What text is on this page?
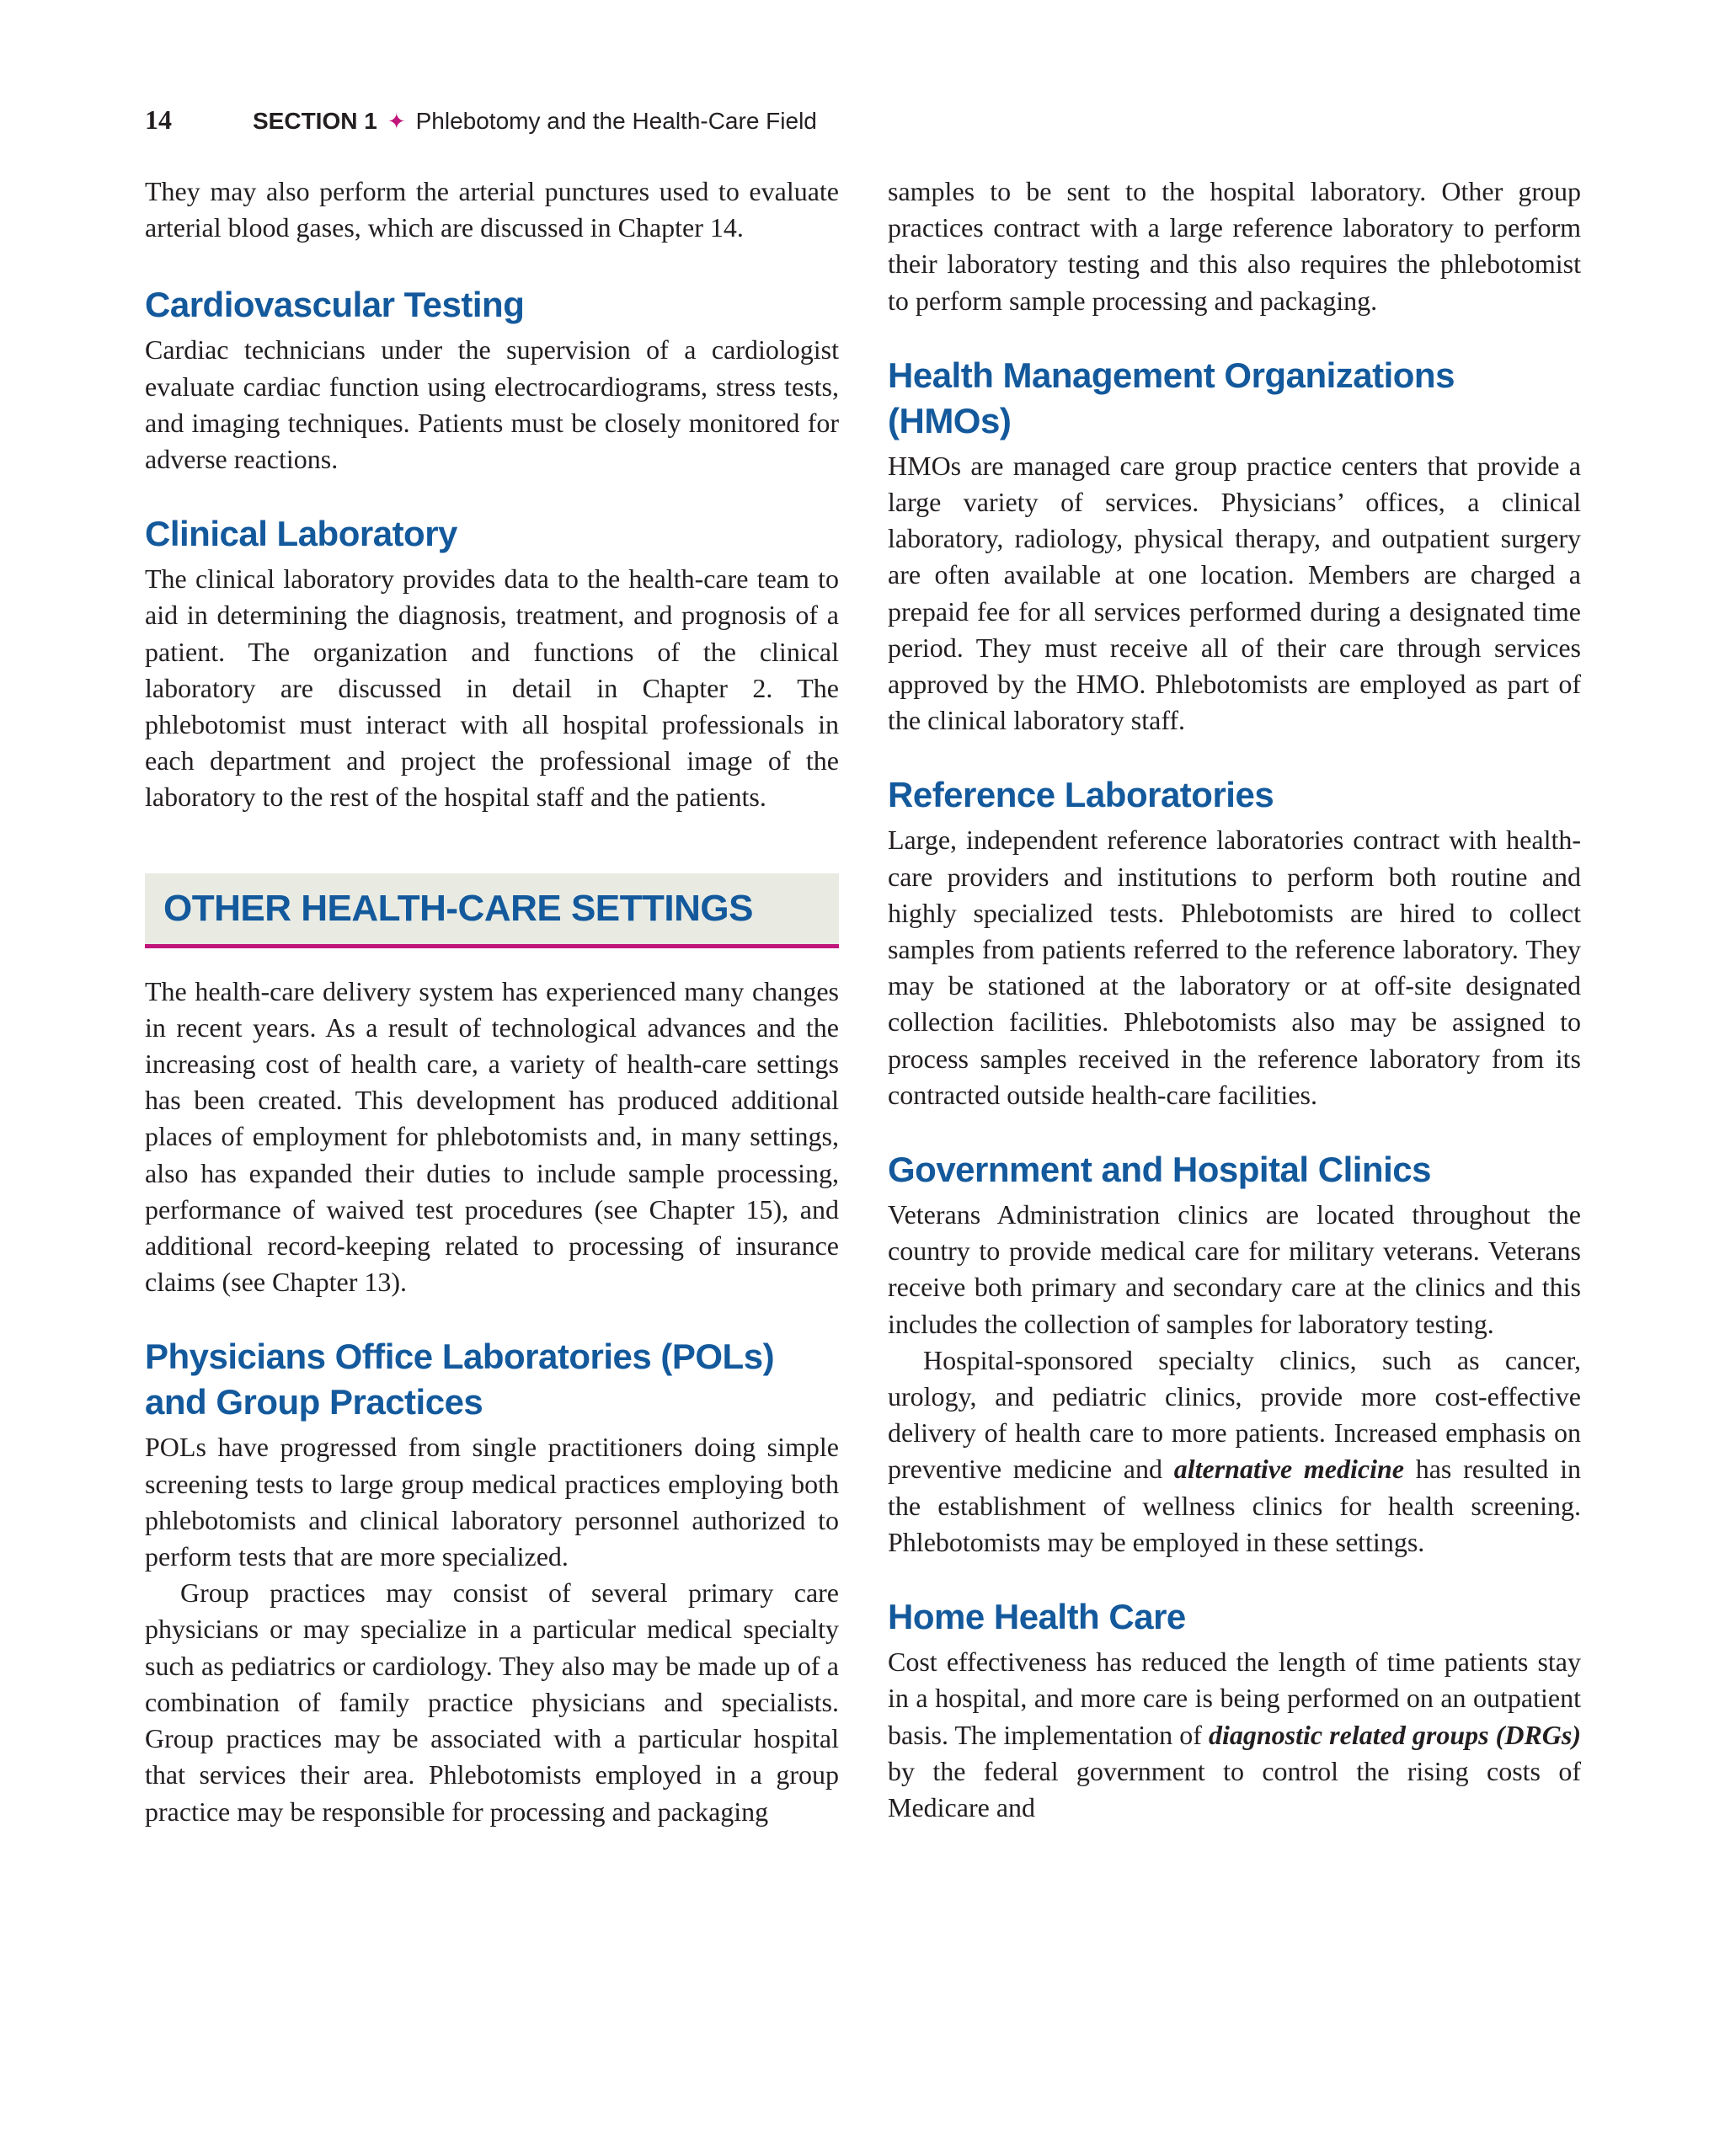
14	SECTION 1 ✦ Phlebotomy and the Health-Care Field

They may also perform the arterial punctures used to evaluate arterial blood gases, which are discussed in Chapter 14.

Cardiovascular Testing

Cardiac technicians under the supervision of a cardiologist evaluate cardiac function using electrocardiograms, stress tests, and imaging techniques. Patients must be closely monitored for adverse reactions.

Clinical Laboratory

The clinical laboratory provides data to the health-care team to aid in determining the diagnosis, treatment, and prognosis of a patient. The organization and functions of the clinical laboratory are discussed in detail in Chapter 2. The phlebotomist must interact with all hospital professionals in each department and project the professional image of the laboratory to the rest of the hospital staff and the patients.

OTHER HEALTH-CARE SETTINGS

The health-care delivery system has experienced many changes in recent years. As a result of technological advances and the increasing cost of health care, a variety of health-care settings has been created. This development has produced additional places of employment for phlebotomists and, in many settings, also has expanded their duties to include sample processing, performance of waived test procedures (see Chapter 15), and additional record-keeping related to processing of insurance claims (see Chapter 13).

Physicians Office Laboratories (POLs)
and Group Practices

POLs have progressed from single practitioners doing simple screening tests to large group medical practices employing both phlebotomists and clinical laboratory personnel authorized to perform tests that are more specialized.

Group practices may consist of several primary care physicians or may specialize in a particular medical specialty such as pediatrics or cardiology. They also may be made up of a combination of family practice physicians and specialists. Group practices may be associated with a particular hospital that services their area. Phlebotomists employed in a group practice may be responsible for processing and packaging

samples to be sent to the hospital laboratory. Other group practices contract with a large reference laboratory to perform their laboratory testing and this also requires the phlebotomist to perform sample processing and packaging.

Health Management Organizations
(HMOs)

HMOs are managed care group practice centers that provide a large variety of services. Physicians’ offices, a clinical laboratory, radiology, physical therapy, and outpatient surgery are often available at one location. Members are charged a prepaid fee for all services performed during a designated time period. They must receive all of their care through services approved by the HMO. Phlebotomists are employed as part of the clinical laboratory staff.

Reference Laboratories

Large, independent reference laboratories contract with health-care providers and institutions to perform both routine and highly specialized tests. Phlebotomists are hired to collect samples from patients referred to the reference laboratory. They may be stationed at the laboratory or at off-site designated collection facilities. Phlebotomists also may be assigned to process samples received in the reference laboratory from its contracted outside health-care facilities.

Government and Hospital Clinics

Veterans Administration clinics are located throughout the country to provide medical care for military veterans. Veterans receive both primary and secondary care at the clinics and this includes the collection of samples for laboratory testing.

Hospital-sponsored specialty clinics, such as cancer, urology, and pediatric clinics, provide more cost-effective delivery of health care to more patients. Increased emphasis on preventive medicine and alternative medicine has resulted in the establishment of wellness clinics for health screening. Phlebotomists may be employed in these settings.

Home Health Care

Cost effectiveness has reduced the length of time patients stay in a hospital, and more care is being performed on an outpatient basis. The implementation of diagnostic related groups (DRGs) by the federal government to control the rising costs of Medicare and
